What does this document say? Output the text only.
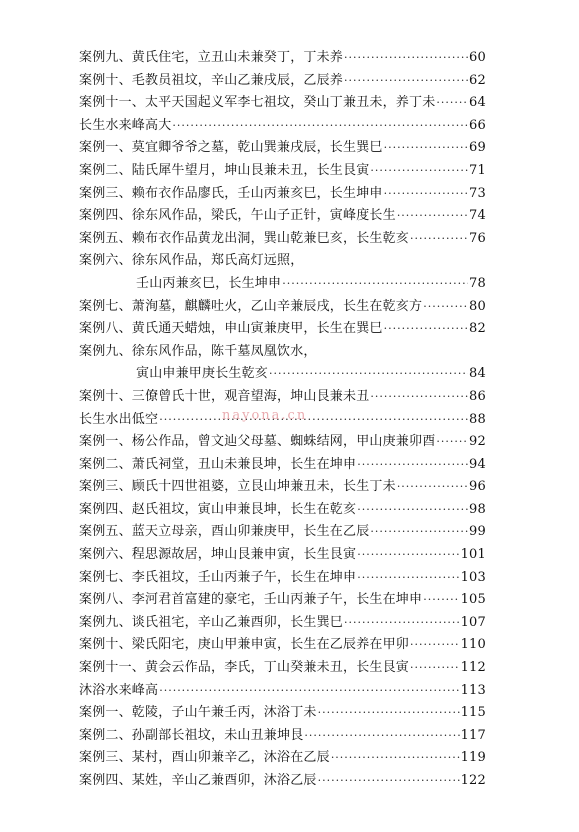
案例九、黄氏住宅，立丑山未兼癸丁，丁未养 ·····	60
案例十、毛教员祖坟，辛山乙兼戌辰，乙辰养 ·····	62
案例十一、太平天国起义军李七祖坟，癸山丁兼丑未，养丁未 ·····	64
长生水来峰高大 ·····	66
案例一、莫宜卿爷爷之墓，乾山巽兼戌辰，长生巽巳 ·····	69
案例二、陆氏犀牛望月，坤山艮兼未丑，长生艮寅 ·····	71
案例三、赖布衣作品廖氏，壬山丙兼亥巳，长生坤申 ·····	73
案例四、徐东风作品，梁氏，午山子正针，寅峰度长生 ·····	74
案例五、赖布衣作品黄龙出洞，巽山乾兼巳亥，长生乾亥 ·····	76
案例六、徐东风作品，郑氏高灯远照，
壬山丙兼亥巳，长生坤申 ·····	78
案例七、萧洵墓，麒麟吐火，乙山辛兼辰戌，长生在乾亥方 ·····	80
案例八、黄氏通天蜡烛，申山寅兼庚甲，长生在巽巳 ·····	82
案例九、徐东风作品，陈千墓凤凰饮水，
寅山申兼甲庚长生乾亥 ·····	84
案例十、三僚曾氏十世，观音望海，坤山艮兼未丑 ·····	86
长生水出低空 ·····	88
案例一、杨公作品，曾文辿父母墓、蜘蛛结网，甲山庚兼卯酉 ·····	92
案例二、萧氏祠堂，丑山未兼艮坤，长生在坤申 ·····	94
案例三、顾氏十四世祖婆，立艮山坤兼丑未，长生丁未 ·····	96
案例四、赵氏祖坟，寅山申兼艮坤，长生在乾亥 ·····	98
案例五、蓝天立母亲，酉山卯兼庚甲，长生在乙辰 ·····	99
案例六、程思源故居，坤山艮兼申寅，长生艮寅 ·····	101
案例七、李氏祖坟，壬山丙兼子午，长生在坤申 ·····	103
案例八、李河君首富建的豪宅，壬山丙兼子午，长生在坤申 ·····	105
案例九、谈氏祖宅，辛山乙兼酉卯，长生巽巳 ·····	107
案例十、梁氏阳宅，庚山甲兼申寅，长生在乙辰养在甲卯 ·····	110
案例十一、黄会云作品，李氏，丁山癸兼未丑，长生艮寅 ·····	112
沐浴水来峰高 ·····	113
案例一、乾陵，子山午兼壬丙，沐浴丁未 ·····	115
案例二、孙副部长祖坟，未山丑兼坤艮 ·····	117
案例三、某村，酉山卯兼辛乙，沐浴在乙辰 ·····	119
案例四、某姓，辛山乙兼酉卯，沐浴乙辰 ·····	122
nayona.cn
